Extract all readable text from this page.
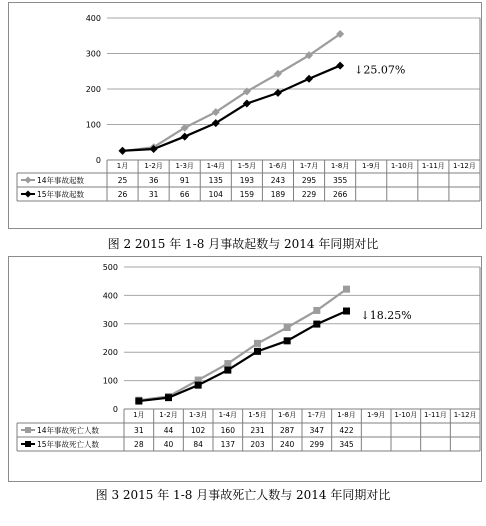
0
100
200
300
400
1月 1-2月 1-3月 1-4月 1-5月 1-6月 1-7月 1-8月 1-9月 1-10月 1-11月 1-12月
14年事故起数	25	36	91	135 193 243 295 355
15年事故起数	26	31	66	104 159 189 229 266
↓25.07%
图 2 2015 年 1-8 月事故起数与 2014 年同期对比
0
100
200
300
400
500
1月 1-2月 1-3月 1-4月 1-5月 1-6月 1-7月 1-8月 1-9月 1-10月 1-11月 1-12月
14年事故死亡人数	31	44 102 160 231 287 347 422
15年事故死亡人数	28	40	84 137 203 240 299 345
↓18.25%
图 3 2015 年 1-8 月事故死亡人数与 2014 年同期对比
